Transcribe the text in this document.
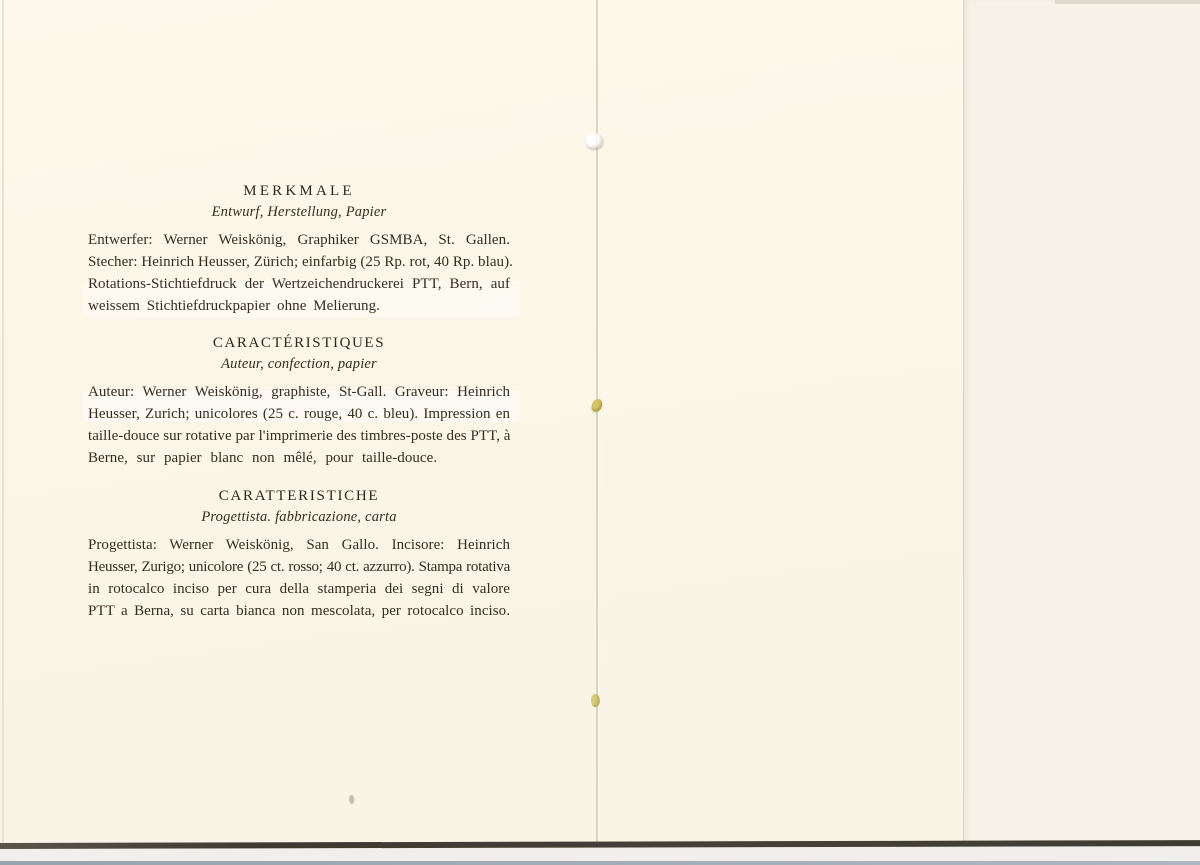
MERKMALE
Entwurf, Herstellung, Papier
Entwerfer: Werner Weiskönig, Graphiker GSMBA, St. Gallen.
Stecher: Heinrich Heusser, Zürich; einfarbig (25 Rp. rot, 40 Rp. blau).
Rotations-Stichtiefdruck der Wertzeichendruckerei PTT, Bern, auf
weissem Stichtiefdruckpapier ohne Melierung.
CARACTÉRISTIQUES
Auteur, confection, papier
Auteur: Werner Weiskönig, graphiste, St-Gall. Graveur: Heinrich
Heusser, Zurich; unicolores (25 c. rouge, 40 c. bleu). Impression en
taille-douce sur rotative par l'imprimerie des timbres-poste des PTT, à
Berne, sur papier blanc non mêlé, pour taille-douce.
CARATTERISTICHE
Progettista. fabbricazione, carta
Progettista: Werner Weiskönig, San Gallo. Incisore: Heinrich
Heusser, Zurigo; unicolore (25 ct. rosso; 40 ct. azzurro). Stampa rotativa
in rotocalco inciso per cura della stamperia dei segni di valore
PTT a Berna, su carta bianca non mescolata, per rotocalco inciso.
